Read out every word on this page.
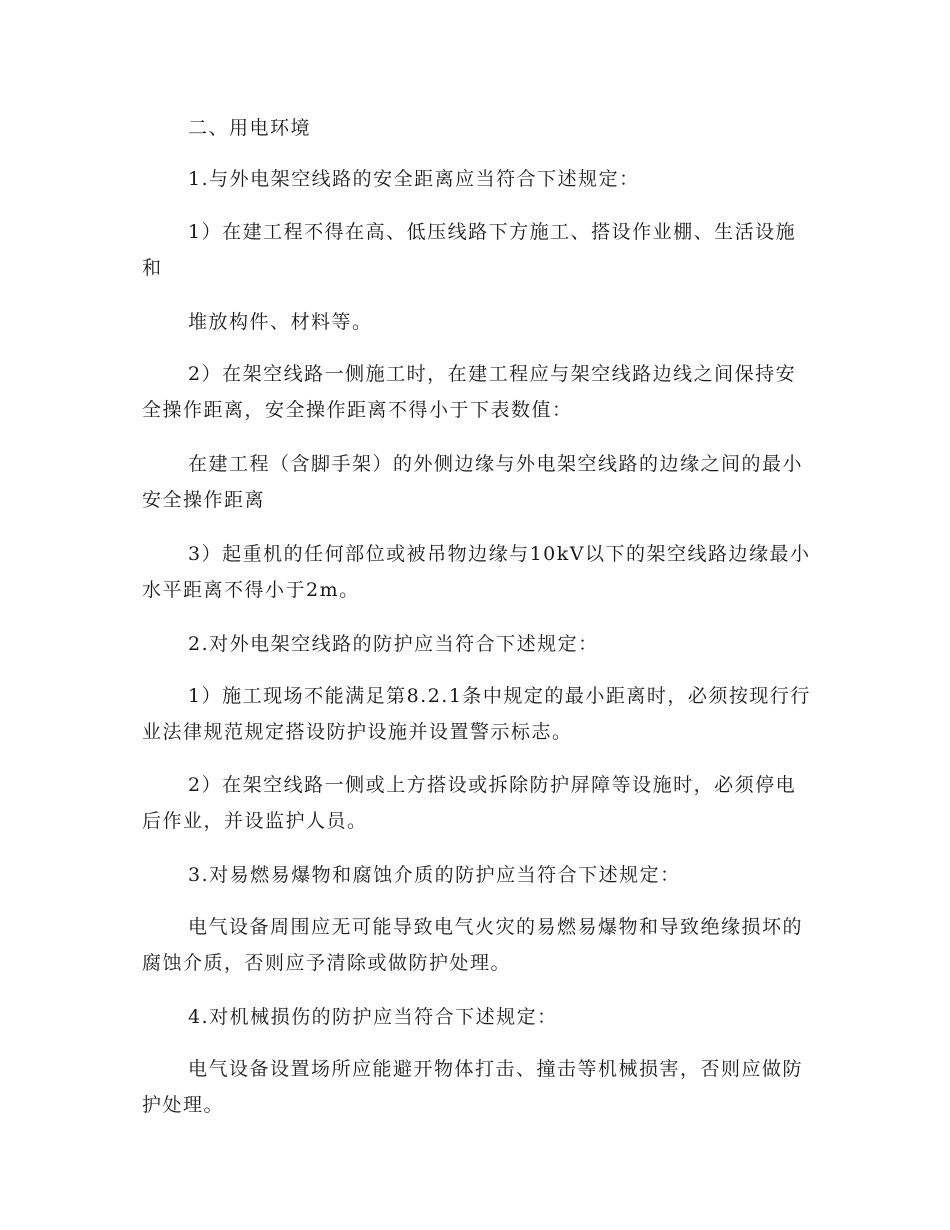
二、用电环境

1.与外电架空线路的安全距离应当符合下述规定：

1）在建工程不得在高、低压线路下方施工、搭设作业棚、生活设施和

堆放构件、材料等。

2）在架空线路一侧施工时，在建工程应与架空线路边线之间保持安全操作距离，安全操作距离不得小于下表数值：

在建工程（含脚手架）的外侧边缘与外电架空线路的边缘之间的最小安全操作距离

3）起重机的任何部位或被吊物边缘与10kV以下的架空线路边缘最小水平距离不得小于2m。

2.对外电架空线路的防护应当符合下述规定：

1）施工现场不能满足第8.2.1条中规定的最小距离时，必须按现行行业法律规范规定搭设防护设施并设置警示标志。

2）在架空线路一侧或上方搭设或拆除防护屏障等设施时，必须停电后作业，并设监护人员。

3.对易燃易爆物和腐蚀介质的防护应当符合下述规定：

电气设备周围应无可能导致电气火灾的易燃易爆物和导致绝缘损坏的腐蚀介质，否则应予清除或做防护处理。

4.对机械损伤的防护应当符合下述规定：

电气设备设置场所应能避开物体打击、撞击等机械损害，否则应做防护处理。
